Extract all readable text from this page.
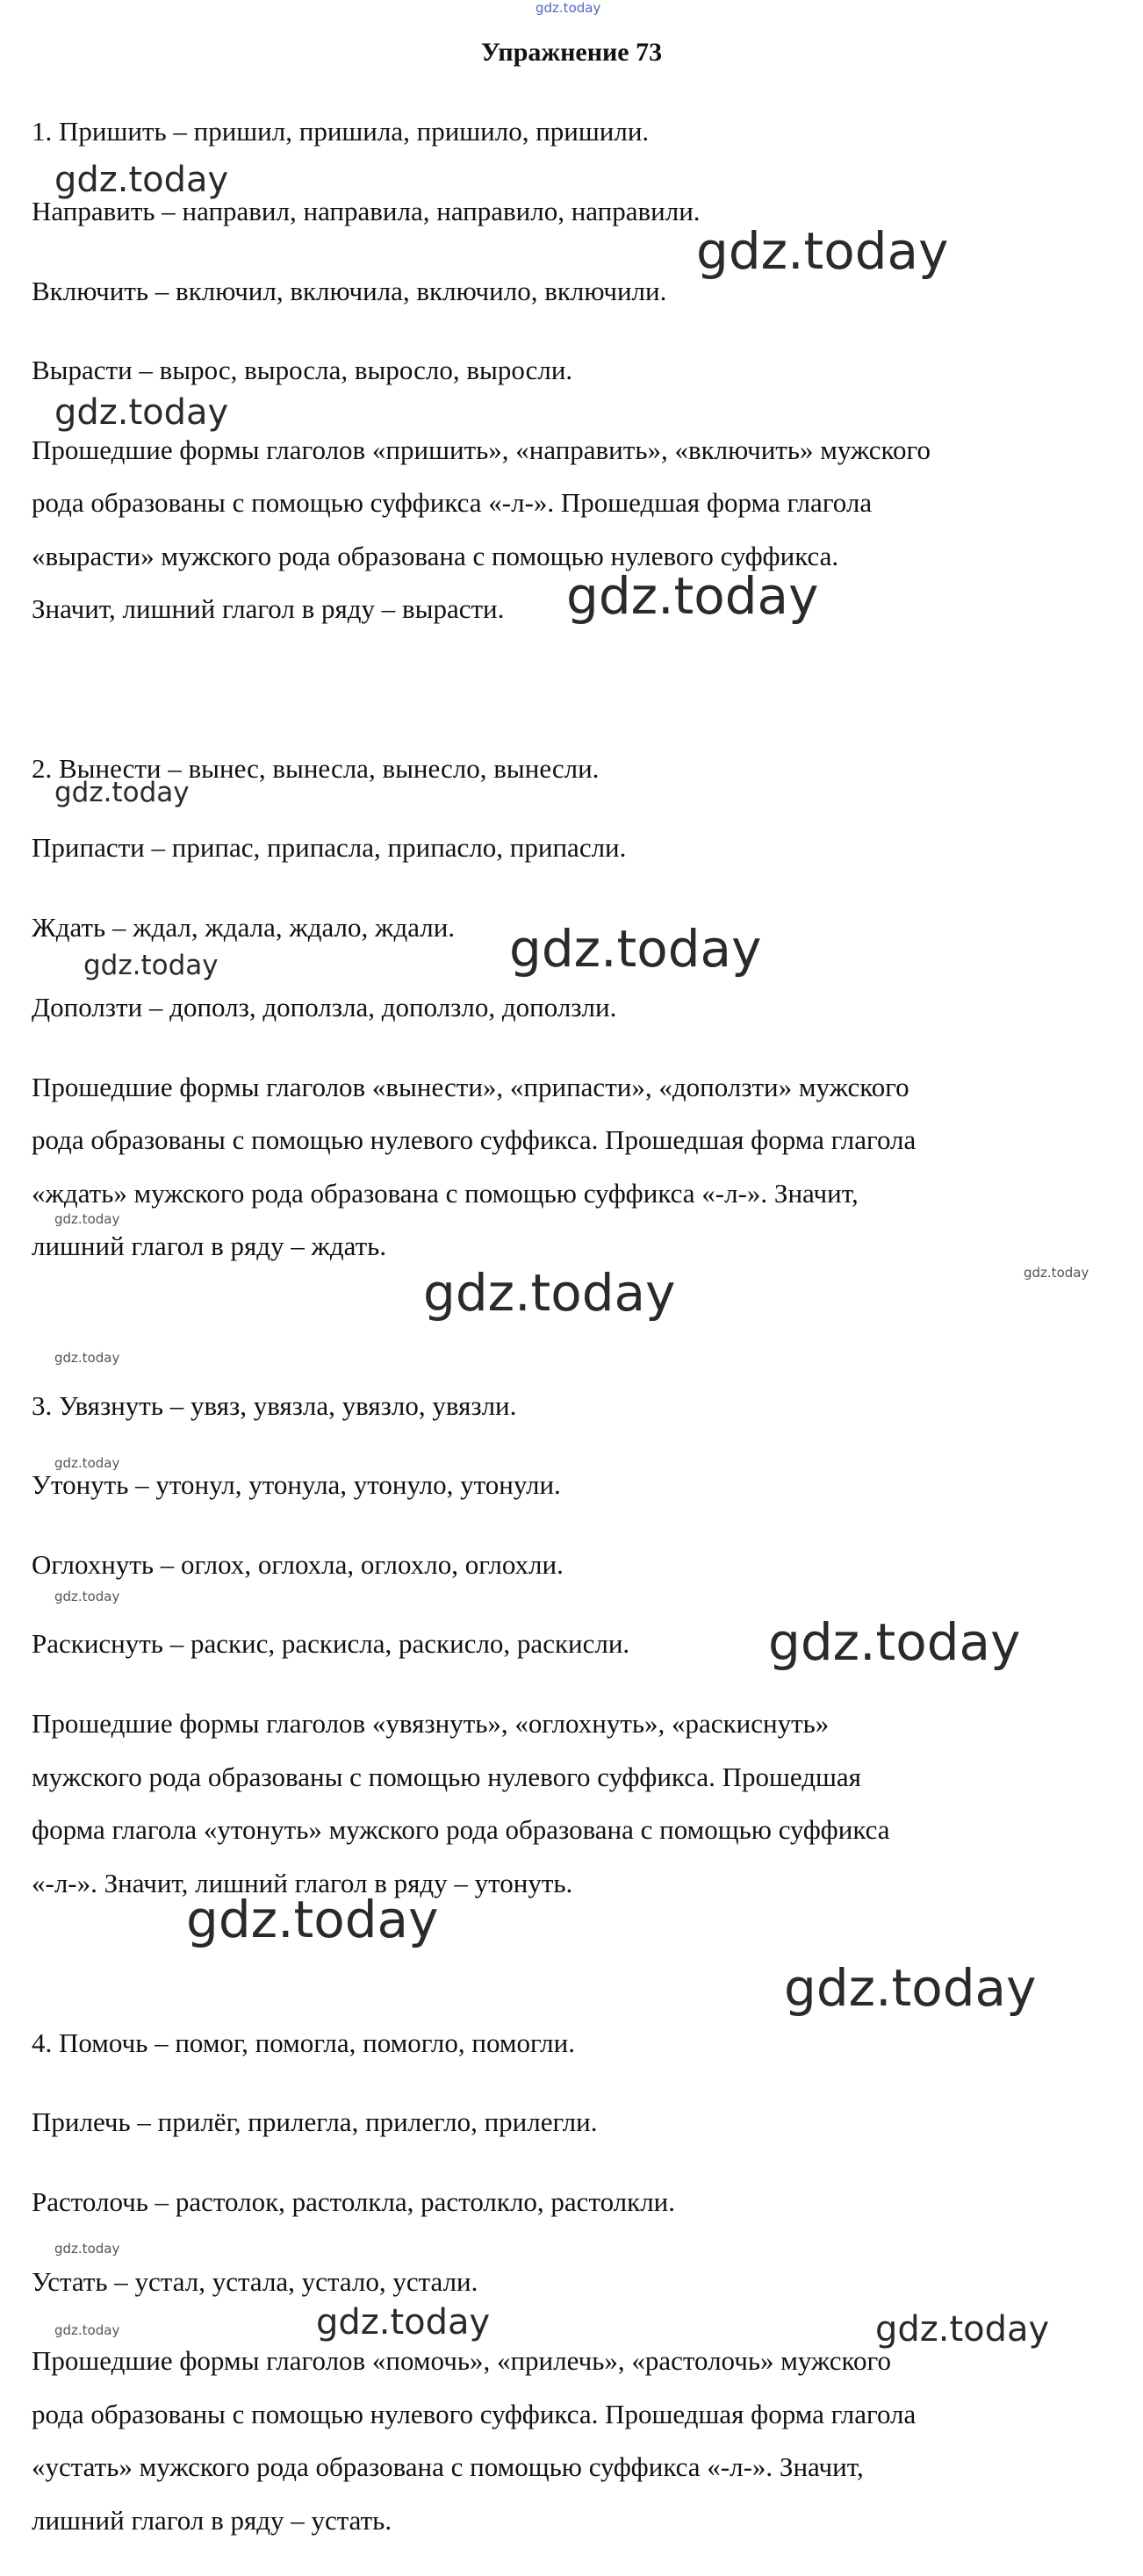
Упражнение 73
1. Пришить – пришил, пришила, пришило, пришили.
Направить – направил, направила, направило, направили.
Включить – включил, включила, включило, включили.
Вырасти – вырос, выросла, выросло, выросли.
Прошедшие формы глаголов «пришить», «направить», «включить» мужского
рода образованы с помощью суффикса «-л-». Прошедшая форма глагола
«вырасти» мужского рода образована с помощью нулевого суффикса.
Значит, лишний глагол в ряду – вырасти.
2. Вынести – вынес, вынесла, вынесло, вынесли.
Припасти – припас, припасла, припасло, припасли.
Ждать – ждал, ждала, ждало, ждали.
Доползти – дополз, доползла, доползло, доползли.
Прошедшие формы глаголов «вынести», «припасти», «доползти» мужского
рода образованы с помощью нулевого суффикса. Прошедшая форма глагола
«ждать» мужского рода образована с помощью суффикса «-л-». Значит,
лишний глагол в ряду – ждать.
3. Увязнуть – увяз, увязла, увязло, увязли.
Утонуть – утонул, утонула, утонуло, утонули.
Оглохнуть – оглох, оглохла, оглохло, оглохли.
Раскиснуть – раскис, раскисла, раскисло, раскисли.
Прошедшие формы глаголов «увязнуть», «оглохнуть», «раскиснуть»
мужского рода образованы с помощью нулевого суффикса. Прошедшая
форма глагола «утонуть» мужского рода образована с помощью суффикса
«-л-». Значит, лишний глагол в ряду – утонуть.
4. Помочь – помог, помогла, помогло, помогли.
Прилечь – прилёг, прилегла, прилегло, прилегли.
Растолочь – растолок, растолкла, растолкло, растолкли.
Устать – устал, устала, устало, устали.
Прошедшие формы глаголов «помочь», «прилечь», «растолочь» мужского
рода образованы с помощью нулевого суффикса. Прошедшая форма глагола
«устать» мужского рода образована с помощью суффикса «-л-». Значит,
лишний глагол в ряду – устать.
gdz.today
gdz.today
gdz.today
gdz.today
gdz.today
gdz.today
gdz.today
gdz.today
gdz.today
gdz.today	gdz.today
gdz.today
gdz.today
gdz.today
gdz.today
gdz.today
gdz.today
gdz.today
gdz.today	gdz.today	gdz.today
